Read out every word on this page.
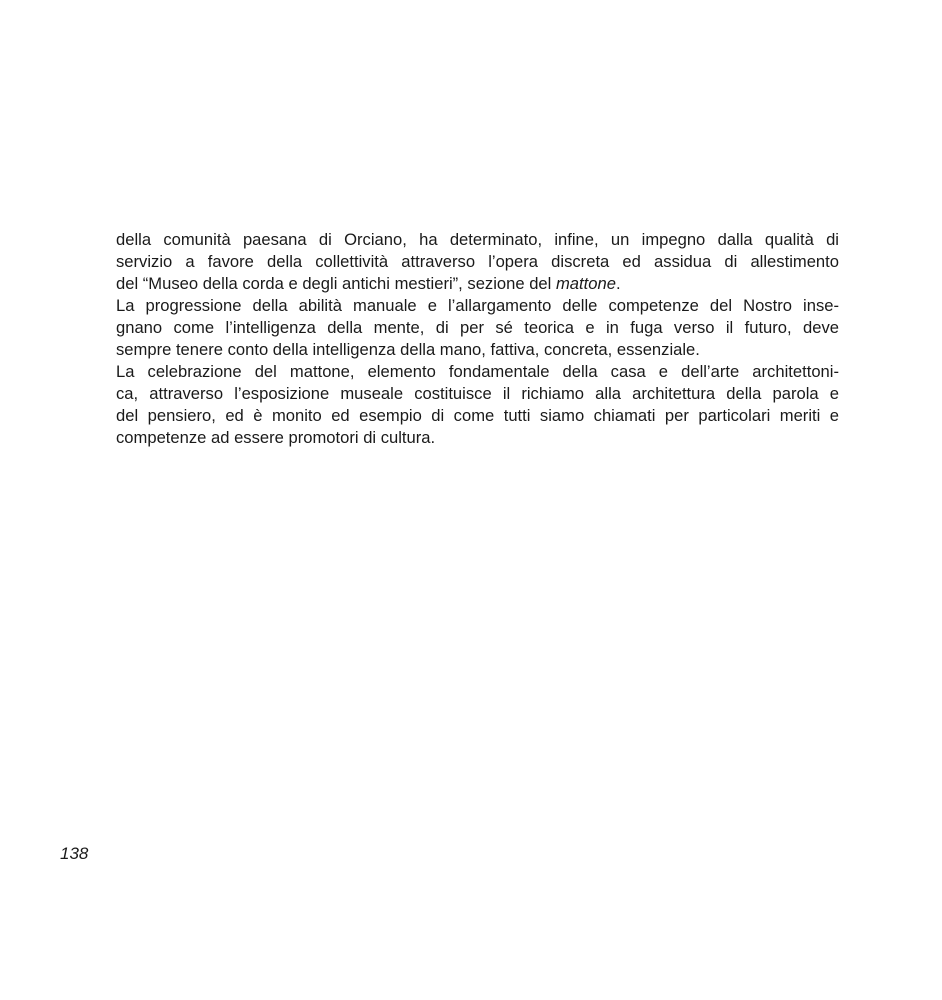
della comunità paesana di Orciano, ha determinato, infine, un impegno dalla qualità di
servizio a favore della collettività attraverso l’opera discreta ed assidua di allestimento
del “Museo della corda e degli antichi mestieri”, sezione del mattone.
La progressione della abilità manuale e l’allargamento delle competenze del Nostro inse-
gnano come l’intelligenza della mente, di per sé teorica e in fuga verso il futuro, deve
sempre tenere conto della intelligenza della mano, fattiva, concreta, essenziale.
La celebrazione del mattone, elemento fondamentale della casa e dell’arte architettoni-
ca, attraverso l’esposizione museale costituisce il richiamo alla architettura della parola e
del pensiero, ed è monito ed esempio di come tutti siamo chiamati per particolari meriti e
competenze ad essere promotori di cultura.
138
